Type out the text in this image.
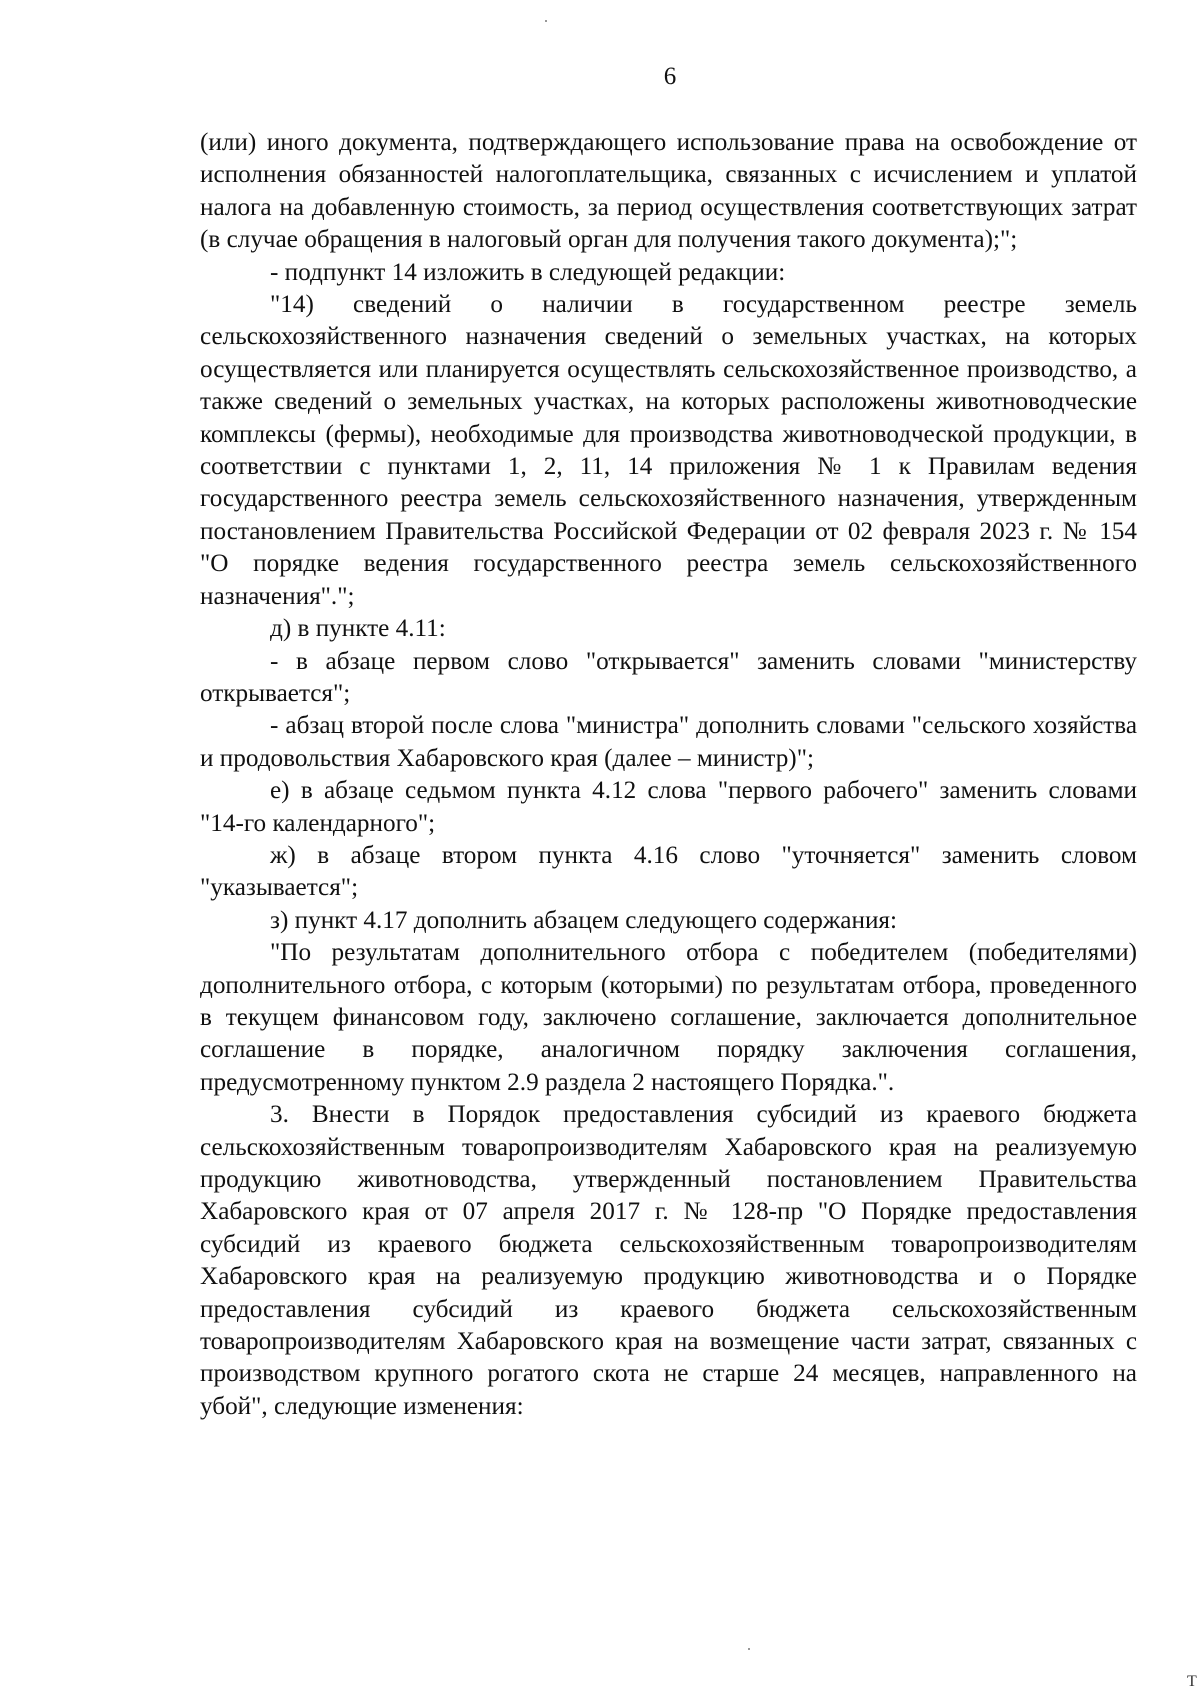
6

(или) иного документа, подтверждающего использование права на освобождение от исполнения обязанностей налогоплательщика, связанных с исчислением и уплатой налога на добавленную стоимость, за период осуществления соответствующих затрат (в случае обращения в налоговый орган для получения такого документа);";

- подпункт 14 изложить в следующей редакции:

"14) сведений о наличии в государственном реестре земель сельскохозяйственного назначения сведений о земельных участках, на которых осуществляется или планируется осуществлять сельскохозяйственное производство, а также сведений о земельных участках, на которых расположены животноводческие комплексы (фермы), необходимые для производства животноводческой продукции, в соответствии с пунктами 1, 2, 11, 14 приложения № 1 к Правилам ведения государственного реестра земель сельскохозяйственного назначения, утвержденным постановлением Правительства Российской Федерации от 02 февраля 2023 г. № 154 "О порядке ведения государственного реестра земель сельскохозяйственного назначения".";

д) в пункте 4.11:

- в абзаце первом слово "открывается" заменить словами "министерству открывается";

- абзац второй после слова "министра" дополнить словами "сельского хозяйства и продовольствия Хабаровского края (далее – министр)";

е) в абзаце седьмом пункта 4.12 слова "первого рабочего" заменить словами "14-го календарного";

ж) в абзаце втором пункта 4.16 слово "уточняется" заменить словом "указывается";

з) пункт 4.17 дополнить абзацем следующего содержания:

"По результатам дополнительного отбора с победителем (победителями) дополнительного отбора, с которым (которыми) по результатам отбора, проведенного в текущем финансовом году, заключено соглашение, заключается дополнительное соглашение в порядке, аналогичном порядку заключения соглашения, предусмотренному пунктом 2.9 раздела 2 настоящего Порядка.".

3. Внести в Порядок предоставления субсидий из краевого бюджета сельскохозяйственным товаропроизводителям Хабаровского края на реализуемую продукцию животноводства, утвержденный постановлением Правительства Хабаровского края от 07 апреля 2017 г. № 128-пр "О Порядке предоставления субсидий из краевого бюджета сельскохозяйственным товаропроизводителям Хабаровского края на реализуемую продукцию животноводства и о Порядке предоставления субсидий из краевого бюджета сельскохозяйственным товаропроизводителям Хабаровского края на возмещение части затрат, связанных с производством крупного рогатого скота не старше 24 месяцев, направленного на убой", следующие изменения:

Т
